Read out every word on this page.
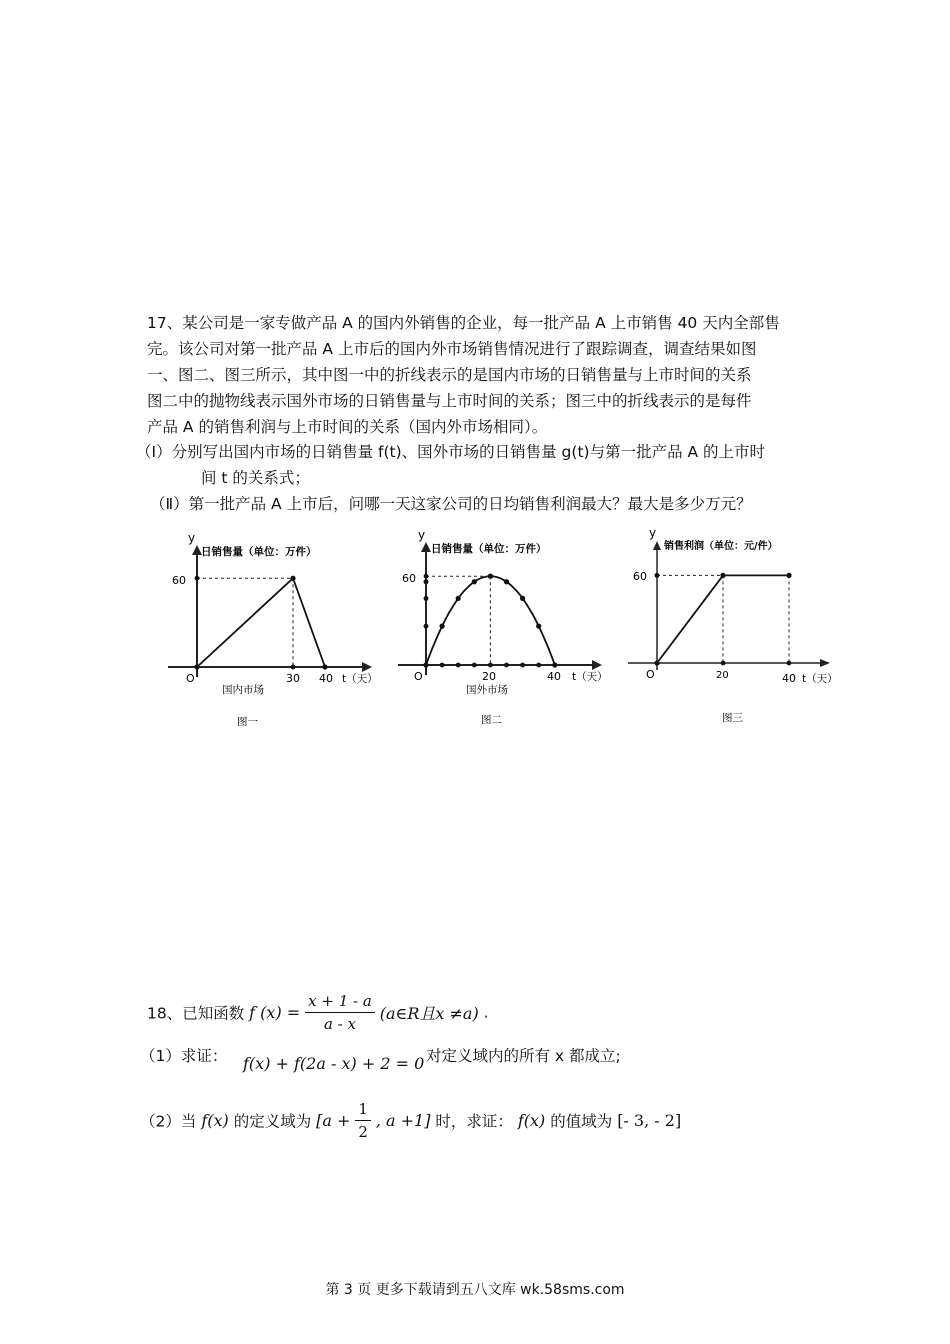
17、某公司是一家专做产品 A 的国内外销售的企业，每一批产品 A 上市销售 40 天内全部售
完。该公司对第一批产品 A 上市后的国内外市场销售情况进行了跟踪调查，调查结果如图
一、图二、图三所示，其中图一中的折线表示的是国内市场的日销售量与上市时间的关系
图二中的抛物线表示国外市场的日销售量与上市时间的关系；图三中的折线表示的是每件
产品 A 的销售利润与上市时间的关系（国内外市场相同）。
（Ⅰ）分别写出国内市场的日销售量 f(t)、国外市场的日销售量 g(t)与第一批产品 A 的上市时
间 t 的关系式；
（Ⅱ）第一批产品 A 上市后，问哪一天这家公司的日均销售利润最大？最大是多少万元？
y
日销售量（单位：万件）
60
O	30 40 t（天）
国内市场
图一
y
日销售量（单位：万件）
60
O	20	40 t（天）
国外市场
图二
y
销售利润（单位：元/件）
60
O	20	40 t（天）
图三
18、已知函数 f $(x) = \frac{x + 1 - a}{a - x}$ (a∈R且x ≠a) .
（1）求证： f(x) + f(2a - x) + 2 = 0 对定义域内的所有 x 都成立;
（2）当 f(x) 的定义域为 [$a + \frac{1}{2}$ , a +1] 时，求证： f(x) 的值域为 [- 3, - 2]
第 3 页 更多下载请到五八文库 wk.58sms.com
